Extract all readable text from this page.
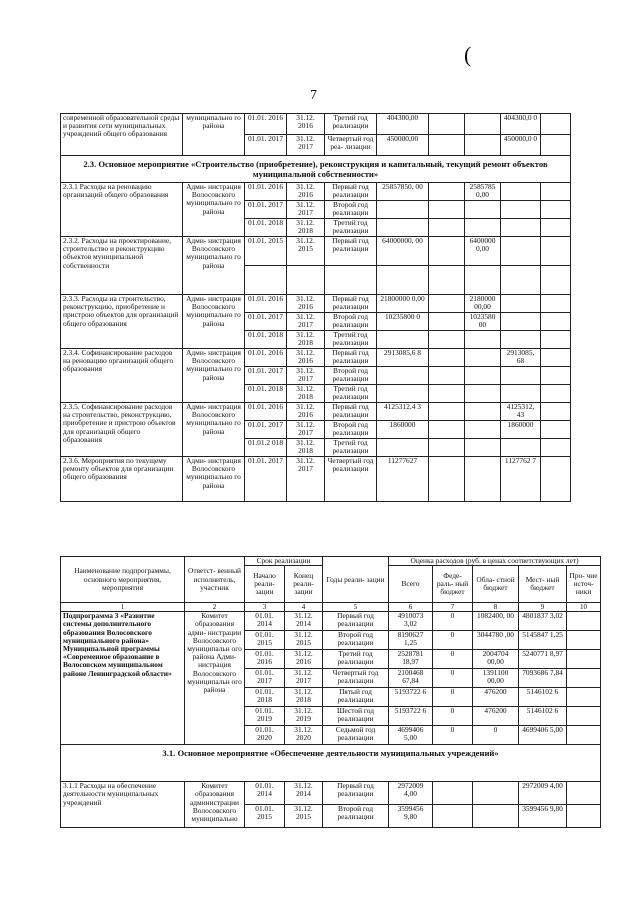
(
7
современной образовательной среды и развития сети муниципальных учреждений общего образования	муниципально го района	01.01. 2016	31.12. 2016	Третий год реализации	404300,00			404300,0 0	
		01.01. 2017	31.12. 2017	Четвертый год реа- лизации	450000,00			450000,0 0	
2.3. Основное мероприятие «Строительство (приобретение), реконструкция и капитальный, текущий ремонт объектов муниципальной собственности»									
2.3.1 Расходы на реновацию организаций общего образования	Адми- нистрация Волосовского муниципально го района	01.01. 2016	31.12. 2016	Первый год реализации	25857850, 00		2585785 0,00		
		01.01. 2017	31.12. 2017	Второй год реализации					
		01.01. 2018	31.12. 2018	Третий год реализации					
2.3.2. Расходы на проектирование, строительство и реконструкцию объектов муниципальной собственности	Адми- нистрация Волосовского муниципально го района	01.01. 2015	31.12. 2015	Первый год реализации	64000000, 00		6400000 0,00		

2.3.3. Расходы на строительство, реконструкцию, приобретение и пристрою объектов для организаций общего образования	Адми- нистрация Волосовского муниципально го района	01.01. 2016	31.12. 2016	Первый год реализации	21800000 0,00		2180000 00,00		
		01.01. 2017	31.12. 2017	Второй год реализации	10235800 0		1023580 00		
		01.01. 2018	31.12. 2018	Третий год реализации					
2.3.4. Софинансирование расходов на реновацию организаций общего образования	Адми- нистрация Волосовского муниципально го района	01.01. 2016	31.12. 2016	Первый год реализации	2913085,6 8			2913085, 68	
		01.01. 2017	31.12. 2017	Второй год реализации					
		01.01. 2018	31.12. 2018	Третий год реализации					
2.3.5. Софинансирование расходов на строительство, реконструкцию, приобретение и пристрою объектов для организаций общего образования	Адми- нистрация Волосовского муниципально го района	01.01. 2016	31.12. 2016	Первый год реализации	4125312,4 3			4125312, 43	
		01.01. 2017	31.12. 2017	Второй год реализации	1860000			1860000	
		01.01.2 018	31.12. 2018	Третий год реализации					
2.3.6. Мероприятия по текущему ремонту объектов для организации общего образования	Адми- нистрация Волосовского муниципально го района	01.01. 2017	31.12. 2017	Четвертый год реализации	11277627			1127762 7	
Наименование подпрограммы, основного мероприятия, мероприятия	Ответст- венный исполнитель, участник	Срок реализации		Годы реали- зации	Оценка расходов (руб. в ценах соответствующих лет)				
		Начало реали- зации	Конец реали- зации		Всего	Феде- раль- ный бюджет	Обла- стной бюджет	Мест- ный бюджет	Про- чие источ- ники
1	2	3	4	5	6	7	8	9	10
Подпрограмма 3 «Развитие системы дополнительного образования Волосовского муниципального района» Муниципальной программы «Современное образование в Волосовском муниципальном районе Ленинградской области»	Комитет образования адми- нистрации Волосовского муниципальн ого района Адми- нистрация Волосовского муниципальн ого района	01.01. 2014	31.12. 2014	Первый год реализации	4910073 3,02	0	1082400, 00	4801837 3,02	
		01.01. 2015	31.12. 2015	Второй год реализации	8190627 1,25	0	3044780 ,00	5145847 1,25	
		01.01. 2016	31.12. 2016	Третий год реализации	2528781 18,97	0	2004704 00,00	5240771 8,97	
		01.01. 2017	31.12. 2017	Четвертый год реализации	2100468 67,84	0	1391100 00,00	7093686 7,84	
		01.01. 2018	31.12. 2018	Пятый год реализации	5193722 6	0	476200	5146102 6	
		01.01. 2019	31.12. 2019	Шестой год реализации	5193722 6	0	476200	5146102 6	
		01.01. 2020	31.12. 2020	Седьмой год реализации	4699406 5,00	0	0	4699406 5,00	
3.1. Основное мероприятие «Обеспечение деятельности муниципальных учреждений»									
3.1.1 Расходы на обеспечение деятельности муниципальных учреждений	Комитет образования администрации Волосовского муниципально	01.01. 2014	31.12. 2014	Первый год реализации	2972009 4,00			2972009 4,00	
		01.01. 2015	31.12. 2015	Второй год реализации	3599456 9,80			3599456 9,80	
